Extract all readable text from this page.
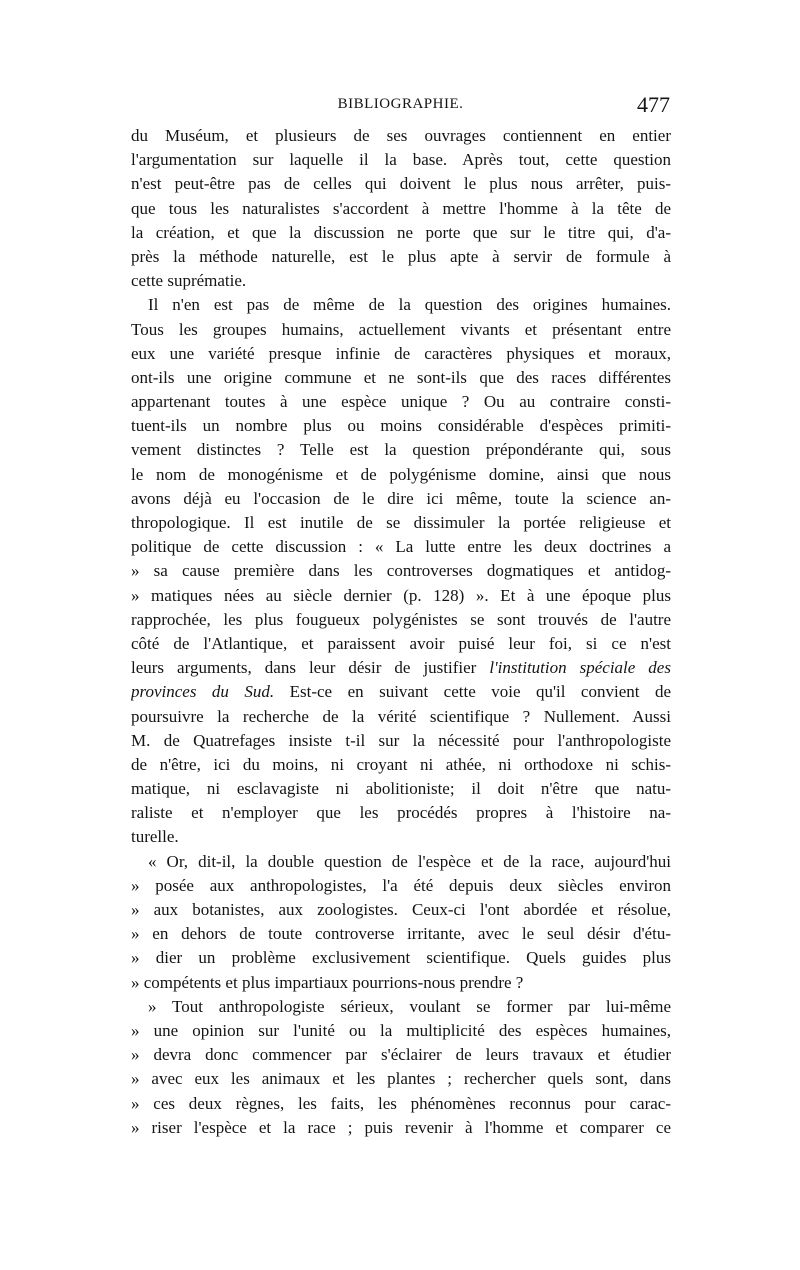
BIBLIOGRAPHIE.	477
du Muséum, et plusieurs de ses ouvrages contiennent en entier
l'argumentation sur laquelle il la base. Après tout, cette question
n'est peut-être pas de celles qui doivent le plus nous arrêter, puis-
que tous les naturalistes s'accordent à mettre l'homme à la tête de
la création, et que la discussion ne porte que sur le titre qui, d'a-
près la méthode naturelle, est le plus apte à servir de formule à
cette suprématie.
Il n'en est pas de même de la question des origines humaines.
Tous les groupes humains, actuellement vivants et présentant entre
eux une variété presque infinie de caractères physiques et moraux,
ont-ils une origine commune et ne sont-ils que des races différentes
appartenant toutes à une espèce unique ? Ou au contraire consti-
tuent-ils un nombre plus ou moins considérable d'espèces primiti-
vement distinctes ? Telle est la question prépondérante qui, sous
le nom de monogénisme et de polygénisme domine, ainsi que nous
avons déjà eu l'occasion de le dire ici même, toute la science an-
thropologique. Il est inutile de se dissimuler la portée religieuse et
politique de cette discussion : « La lutte entre les deux doctrines a
» sa cause première dans les controverses dogmatiques et antidog-
» matiques nées au siècle dernier (p. 128) ». Et à une époque plus
rapprochée, les plus fougueux polygénistes se sont trouvés de l'autre
côté de l'Atlantique, et paraissent avoir puisé leur foi, si ce n'est
leurs arguments, dans leur désir de justifier l'institution spéciale des
provinces du Sud. Est-ce en suivant cette voie qu'il convient de
poursuivre la recherche de la vérité scientifique ? Nullement. Aussi
M. de Quatrefages insiste t-il sur la nécessité pour l'anthropologiste
de n'être, ici du moins, ni croyant ni athée, ni orthodoxe ni schis-
matique, ni esclavagiste ni abolitioniste; il doit n'être que natu-
raliste et n'employer que les procédés propres à l'histoire na-
turelle.
« Or, dit-il, la double question de l'espèce et de la race, aujourd'hui
» posée aux anthropologistes, l'a été depuis deux siècles environ
» aux botanistes, aux zoologistes. Ceux-ci l'ont abordée et résolue,
» en dehors de toute controverse irritante, avec le seul désir d'étu-
» dier un problème exclusivement scientifique. Quels guides plus
» compétents et plus impartiaux pourrions-nous prendre ?
» Tout anthropologiste sérieux, voulant se former par lui-même
» une opinion sur l'unité ou la multiplicité des espèces humaines,
» devra donc commencer par s'éclairer de leurs travaux et étudier
» avec eux les animaux et les plantes ; rechercher quels sont, dans
» ces deux règnes, les faits, les phénomènes reconnus pour carac-
» riser l'espèce et la race ; puis revenir à l'homme et comparer ce
